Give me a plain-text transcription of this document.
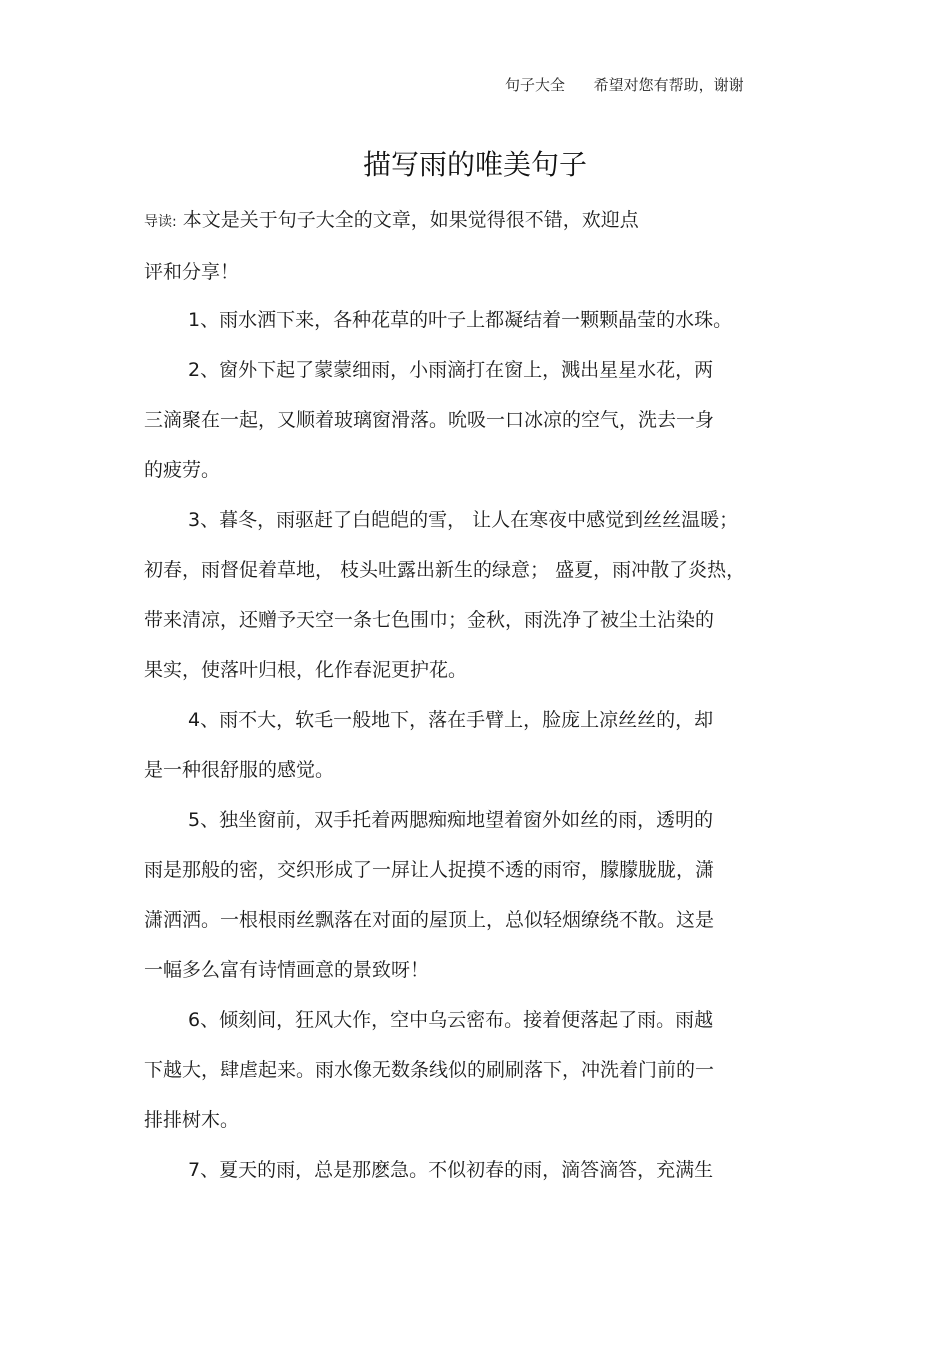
句子大全      希望对您有帮助，谢谢
描写雨的唯美句子
导读: 本文是关于句子大全的文章，如果觉得很不错，欢迎点
评和分享！
1、雨水洒下来，各种花草的叶子上都凝结着一颗颗晶莹的水珠。
2、窗外下起了蒙蒙细雨，小雨滴打在窗上，溅出星星水花，两
三滴聚在一起，又顺着玻璃窗滑落。吮吸一口冰凉的空气，洗去一身
的疲劳。
3、暮冬，雨驱赶了白皑皑的雪， 让人在寒夜中感觉到丝丝温暖；
初春，雨督促着草地， 枝头吐露出新生的绿意； 盛夏，雨冲散了炎热，
带来清凉，还赠予天空一条七色围巾；金秋，雨洗净了被尘土沾染的
果实，使落叶归根，化作春泥更护花。
4、雨不大，软毛一般地下，落在手臂上，脸庞上凉丝丝的，却
是一种很舒服的感觉。
5、独坐窗前，双手托着两腮痴痴地望着窗外如丝的雨，透明的
雨是那般的密，交织形成了一屏让人捉摸不透的雨帘，朦朦胧胧，潇
潇洒洒。一根根雨丝飘落在对面的屋顶上，总似轻烟缭绕不散。这是
一幅多么富有诗情画意的景致呀！
6、倾刻间，狂风大作，空中乌云密布。接着便落起了雨。雨越
下越大，肆虐起来。雨水像无数条线似的刷刷落下，冲洗着门前的一
排排树木。
7、夏天的雨，总是那麽急。不似初春的雨，滴答滴答，充满生
